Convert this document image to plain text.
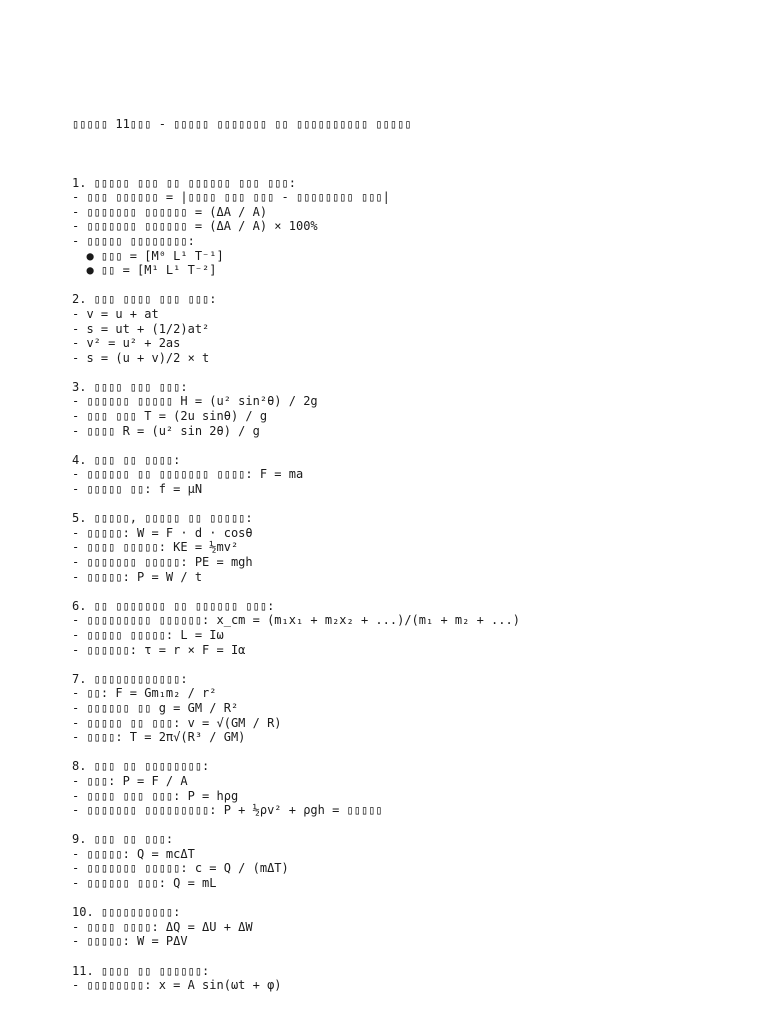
▯▯▯▯▯ 11▯▯▯ - ▯▯▯▯▯ ▯▯▯▯▯▯▯ ▯▯ ▯▯▯▯▯▯▯▯▯▯ ▯▯▯▯▯

1. ▯▯▯▯▯ ▯▯▯ ▯▯ ▯▯▯▯▯▯ ▯▯▯ ▯▯▯:
- ▯▯▯ ▯▯▯▯▯▯ = |▯▯▯▯ ▯▯▯ ▯▯▯ - ▯▯▯▯▯▯▯▯ ▯▯▯|
- ▯▯▯▯▯▯▯ ▯▯▯▯▯▯ = (ΔA / A)
- ▯▯▯▯▯▯▯ ▯▯▯▯▯▯ = (ΔA / A) × 100%
- ▯▯▯▯▯ ▯▯▯▯▯▯▯▯:
● ▯▯▯ = [M⁰ L¹ T⁻¹]
● ▯▯ = [M¹ L¹ T⁻²]
2. ▯▯▯ ▯▯▯▯ ▯▯▯ ▯▯▯:
- v = u + at
- s = ut + (1/2)at²
- v² = u² + 2as
- s = (u + v)/2 × t
3. ▯▯▯▯ ▯▯▯ ▯▯▯:
- ▯▯▯▯▯▯ ▯▯▯▯▯ H = (u² sin²θ) / 2g
- ▯▯▯ ▯▯▯ T = (2u sinθ) / g
- ▯▯▯▯ R = (u² sin 2θ) / g
4. ▯▯▯ ▯▯ ▯▯▯▯:
- ▯▯▯▯▯▯ ▯▯ ▯▯▯▯▯▯▯ ▯▯▯▯: F = ma
- ▯▯▯▯▯ ▯▯: f = μN
5. ▯▯▯▯▯, ▯▯▯▯▯ ▯▯ ▯▯▯▯▯:
- ▯▯▯▯▯: W = F · d · cosθ
- ▯▯▯▯ ▯▯▯▯▯: KE = ½mv²
- ▯▯▯▯▯▯▯ ▯▯▯▯▯: PE = mgh
- ▯▯▯▯▯: P = W / t
6. ▯▯ ▯▯▯▯▯▯▯ ▯▯ ▯▯▯▯▯▯ ▯▯▯:
- ▯▯▯▯▯▯▯▯▯ ▯▯▯▯▯▯: x_cm = (m₁x₁ + m₂x₂ + ...)/(m₁ + m₂ + ...)
- ▯▯▯▯▯ ▯▯▯▯▯: L = Iω
- ▯▯▯▯▯▯: τ = r × F = Iα
7. ▯▯▯▯▯▯▯▯▯▯▯▯:
- ▯▯: F = Gm₁m₂ / r²
- ▯▯▯▯▯▯ ▯▯ g = GM / R²
- ▯▯▯▯▯ ▯▯ ▯▯▯: v = √(GM / R)
- ▯▯▯▯: T = 2π√(R³ / GM)
8. ▯▯▯ ▯▯ ▯▯▯▯▯▯▯▯:
- ▯▯▯: P = F / A
- ▯▯▯▯ ▯▯▯ ▯▯▯: P = hρg
- ▯▯▯▯▯▯▯ ▯▯▯▯▯▯▯▯▯: P + ½ρv² + ρgh = ▯▯▯▯▯
9. ▯▯▯ ▯▯ ▯▯▯:
- ▯▯▯▯▯: Q = mcΔT
- ▯▯▯▯▯▯▯ ▯▯▯▯▯: c = Q / (mΔT)
- ▯▯▯▯▯▯ ▯▯▯: Q = mL
10. ▯▯▯▯▯▯▯▯▯▯:
- ▯▯▯▯ ▯▯▯▯: ΔQ = ΔU + ΔW
- ▯▯▯▯▯: W = PΔV
11. ▯▯▯▯ ▯▯ ▯▯▯▯▯▯:
- ▯▯▯▯▯▯▯▯: x = A sin(ωt + φ)
